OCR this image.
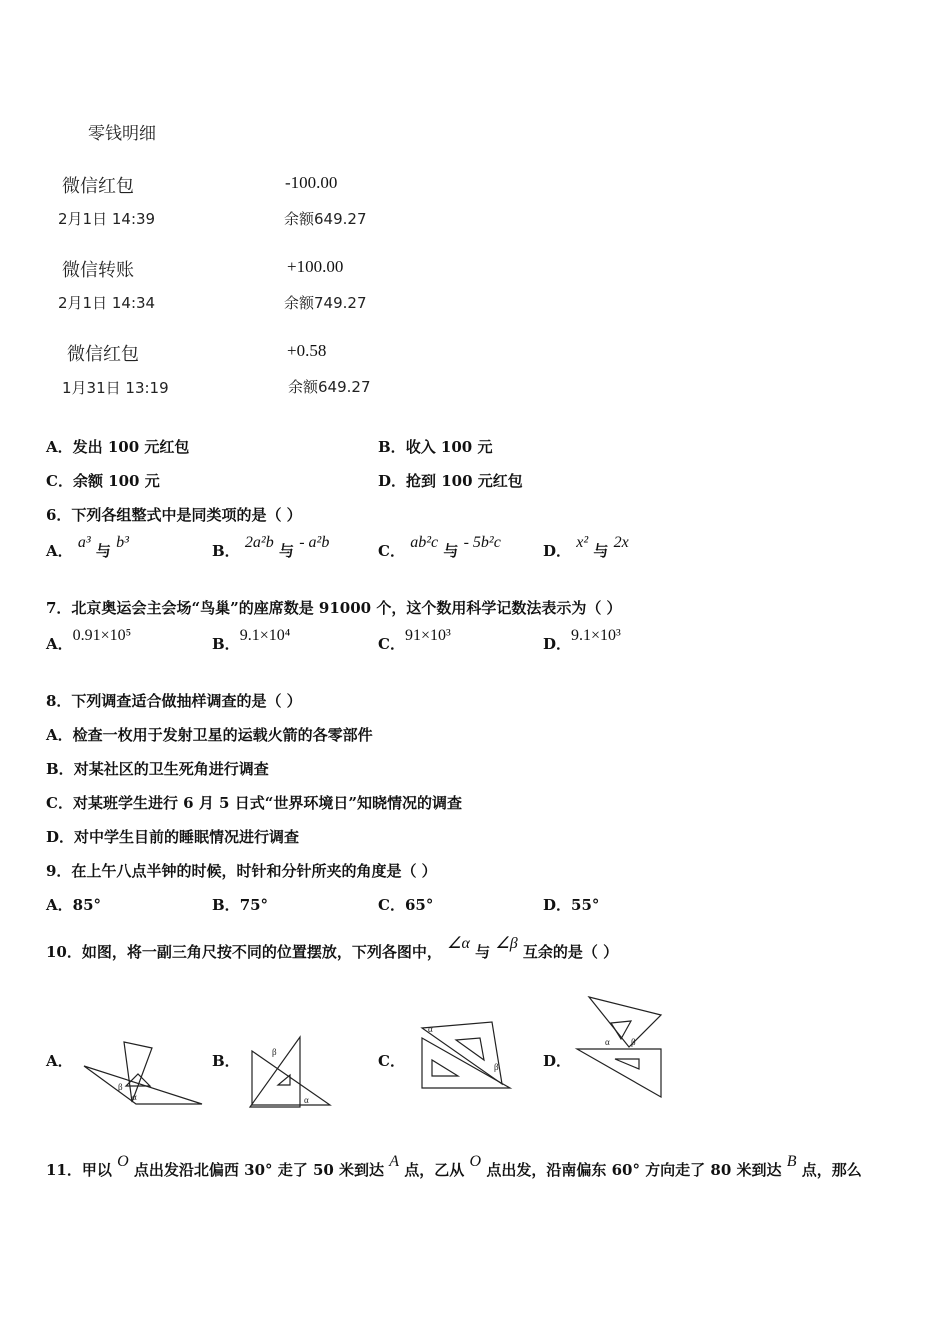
零钱明细
微信红包	-100.00
2月1日 14:39	余额649.27
微信转账	+100.00
2月1日 14:34	余额749.27
微信红包	+0.58
1月31日 13:19	余额649.27
A．发出 100 元红包	B．收入 100 元
C．余额 100 元	D．抢到 100 元红包
6．下列各组整式中是同类项的是（ ）
A． a³ 与 b³	B． 2a²b 与 - a²b	C． ab²c 与 - 5b²c	D． x² 与 2x
7．北京奥运会主会场“鸟巢”的座席数是 91000 个，这个数用科学记数法表示为（ ）
A．0.91×10⁵	B．9.1×10⁴	C．91×10³	D．9.1×10³
8．下列调查适合做抽样调查的是（ ）
A．检查一枚用于发射卫星的运载火箭的各零部件
B．对某社区的卫生死角进行调查
C．对某班学生进行 6 月 5 日式“世界环境日”知晓情况的调查
D．对中学生目前的睡眠情况进行调查
9．在上午八点半钟的时候，时针和分针所夹的角度是（ ）
A．85°	B．75°	C．65°	D．55°
10．如图，将一副三角尺按不同的位置摆放，下列各图中， ∠α 与 ∠β 互余的是（ ）
A．	B．	C．	D．
β
α
β
α
α
β
α β
11．甲以 O 点出发沿北偏西 30° 走了 50 米到达 A 点，乙从 O 点出发，沿南偏东 60° 方向走了 80 米到达 B 点，那么
